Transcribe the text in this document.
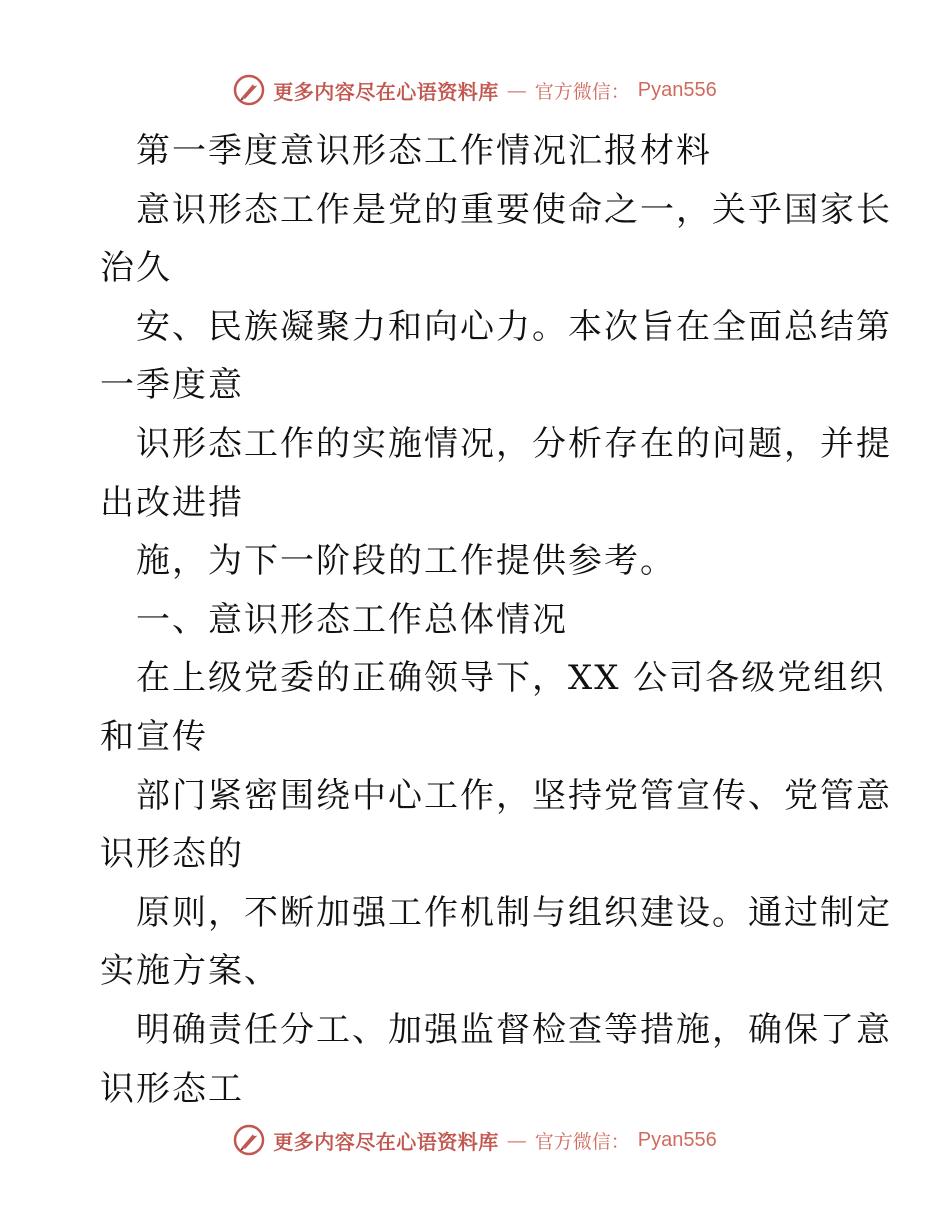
更多内容尽在心语资料库 — 官方微信： Pyan556
第一季度意识形态工作情况汇报材料
意识形态工作是党的重要使命之一，关乎国家长
治久
安、民族凝聚力和向心力。本次旨在全面总结第
一季度意
识形态工作的实施情况，分析存在的问题，并提
出改进措
施，为下一阶段的工作提供参考。
一、意识形态工作总体情况
在上级党委的正确领导下，XX 公司各级党组织
和宣传
部门紧密围绕中心工作，坚持党管宣传、党管意
识形态的
原则，不断加强工作机制与组织建设。通过制定
实施方案、
明确责任分工、加强监督检查等措施，确保了意
识形态工
更多内容尽在心语资料库 — 官方微信： Pyan556
